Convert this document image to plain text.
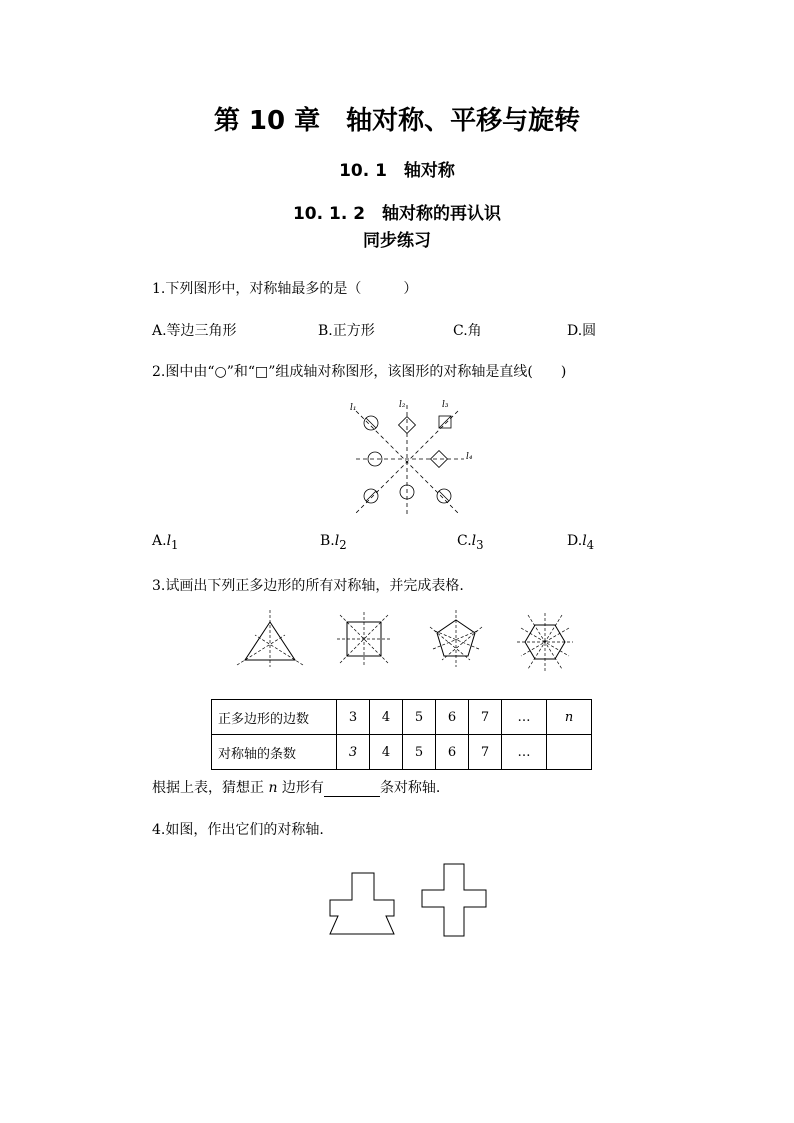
第 10 章　轴对称、平移与旋转
10. 1　轴对称
10. 1. 2　轴对称的再认识
同步练习
1.下列图形中，对称轴最多的是（　　　）
A.等边三角形	B.正方形	C.角	D.圆
2.图中由“○”和“□”组成轴对称图形，该图形的对称轴是直线(　　)
l₁	l₂	l₃
l₄
$A.l_1$	$B.l_2$	$C.l_3$	$D.l_4$
3.试画出下列正多边形的所有对称轴，并完成表格.
正多边形的边数	3	4	5	6	7	…	n
对称轴的条数	3	4	5	6	7	…	
根据上表，猜想正 n 边形有	条对称轴.
4.如图，作出它们的对称轴.
